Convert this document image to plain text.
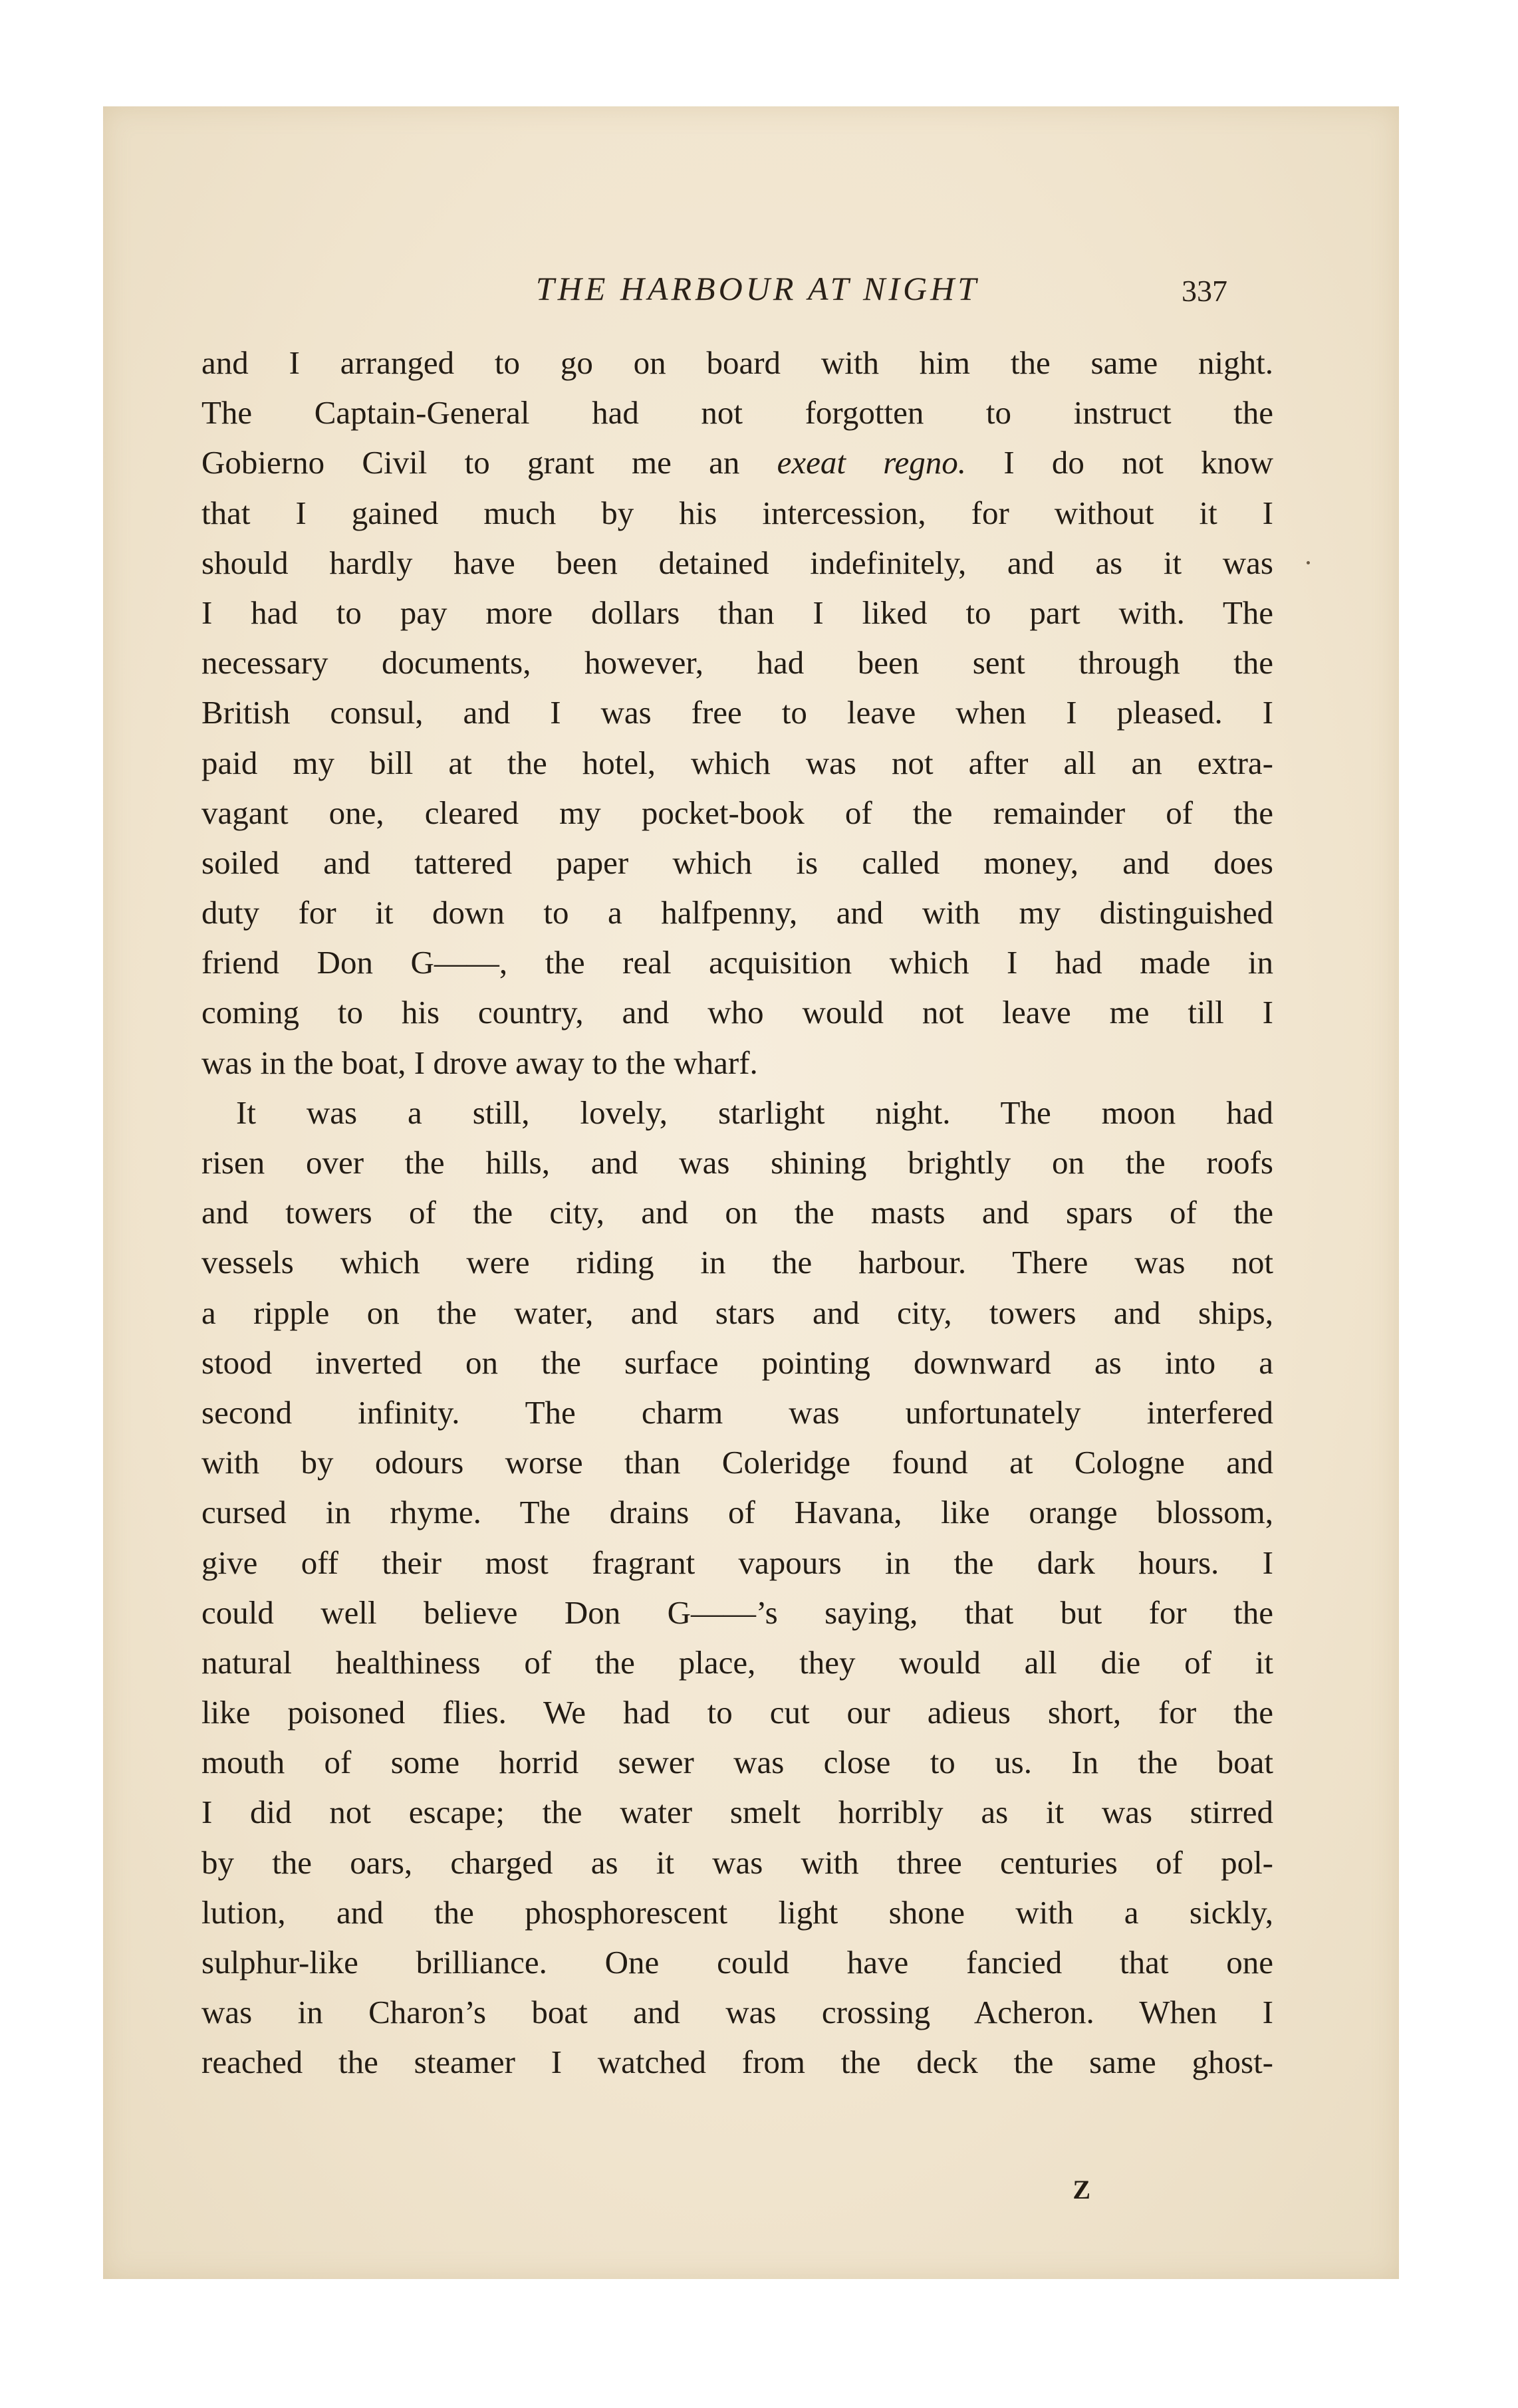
THE HARBOUR AT NIGHT	337
and I arranged to go on board with him the same night.
The Captain-General had not forgotten to instruct the
Gobierno Civil to grant me an exeat regno. I do not know
that I gained much by his intercession, for without it I
should hardly have been detained indefinitely, and as it was
I had to pay more dollars than I liked to part with. The
necessary documents, however, had been sent through the
British consul, and I was free to leave when I pleased. I
paid my bill at the hotel, which was not after all an extra-
vagant one, cleared my pocket-book of the remainder of the
soiled and tattered paper which is called money, and does
duty for it down to a halfpenny, and with my distinguished
friend Don G——, the real acquisition which I had made in
coming to his country, and who would not leave me till I
was in the boat, I drove away to the wharf.
It was a still, lovely, starlight night. The moon had
risen over the hills, and was shining brightly on the roofs
and towers of the city, and on the masts and spars of the
vessels which were riding in the harbour. There was not
a ripple on the water, and stars and city, towers and ships,
stood inverted on the surface pointing downward as into a
second infinity. The charm was unfortunately interfered
with by odours worse than Coleridge found at Cologne and
cursed in rhyme. The drains of Havana, like orange blossom,
give off their most fragrant vapours in the dark hours. I
could well believe Don G——’s saying, that but for the
natural healthiness of the place, they would all die of it
like poisoned flies. We had to cut our adieus short, for the
mouth of some horrid sewer was close to us. In the boat
I did not escape; the water smelt horribly as it was stirred
by the oars, charged as it was with three centuries of pol-
lution, and the phosphorescent light shone with a sickly,
sulphur-like brilliance. One could have fancied that one
was in Charon’s boat and was crossing Acheron. When I
reached the steamer I watched from the deck the same ghost-
Z
